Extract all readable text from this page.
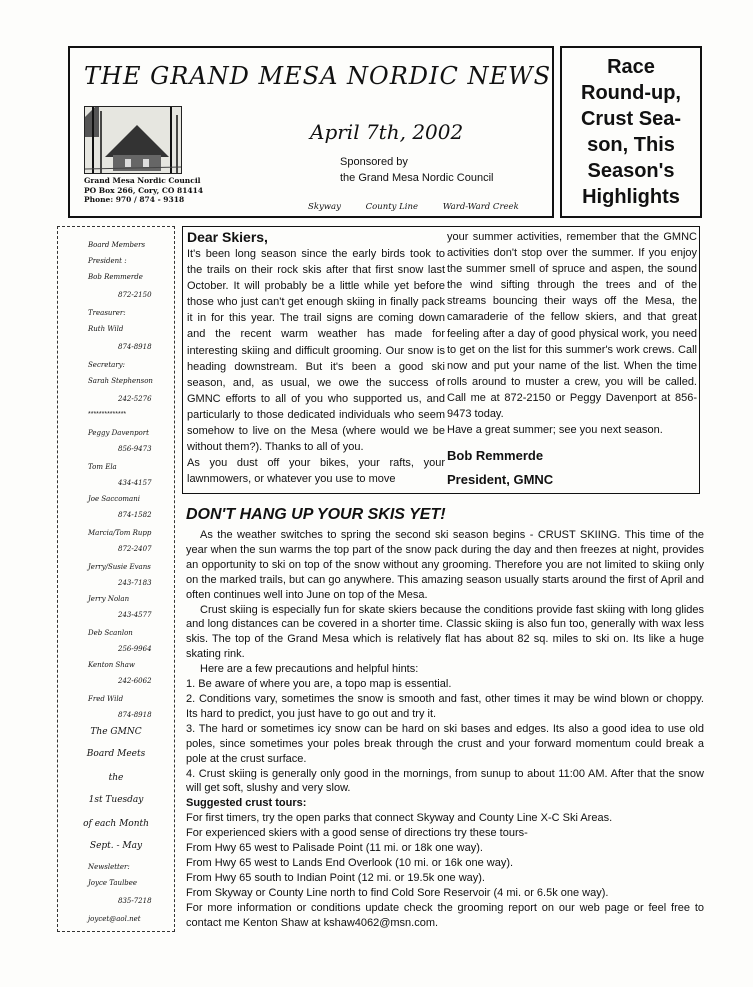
THE GRAND MESA NORDIC NEWS
Grand Mesa Nordic Council
PO Box 266, Cory, CO 81414
Phone: 970 / 874 - 9318
April 7th, 2002
Sponsored by
the Grand Mesa Nordic Council
Skyway	County Line	Ward-Ward Creek
Race
Round-up,
Crust Sea-
son, This
Season's
Highlights
Board Members
President :
Bob Remmerde
872-2150
Treasurer:
Ruth Wild
874-8918
Secretary:
Sarah Stephenson
242-5276
**************
Peggy Davenport
856-9473
Tom Ela
434-4157
Joe Saccomani
874-1582
Marcia/Tom Rupp
872-2407
Jerry/Susie Evans
243-7183
Jerry Nolan
243-4577
Deb Scanlon
256-9964
Kenton Shaw
242-6062
Fred Wild
874-8918
The GMNC
Board Meets
the
1st Tuesday
of each Month
Sept. - May
Newsletter:
Joyce Taulbee
835-7218
joycet@aol.net
Dear Skiers,

It's been long season since the early birds took to the trails on their rock skis after that first snow last October. It will probably be a little while yet before those who just can't get enough skiing in finally pack it in for this year. The trail signs are coming down and the recent warm weather has made for interesting skiing and difficult grooming. Our snow is heading downstream. But it's been a good ski season, and, as usual, we owe the success of GMNC efforts to all of you who supported us, and particularly to those dedicated individuals who seem somehow to live on the Mesa (where would we be without them?). Thanks to all of you.

As you dust off your bikes, your rafts, your lawnmowers, or whatever you use to move

your summer activities, remember that the GMNC activities don't stop over the summer. If you enjoy the summer smell of spruce and aspen, the sound the wind sifting through the trees and of the streams bouncing their ways off the Mesa, the camaraderie of the fellow skiers, and that great feeling after a day of good physical work, you need to get on the list for this summer's work crews. Call now and put your name of the list. When the time rolls around to muster a crew, you will be called. Call me at 872-2150 or Peggy Davenport at 856-9473 today.

Have a great summer; see you next season.

Bob Remmerde
President, GMNC
DON'T HANG UP YOUR SKIS YET!

As the weather switches to spring the second ski season begins - CRUST SKIING. This time of the year when the sun warms the top part of the snow pack during the day and then freezes at night, provides an opportunity to ski on top of the snow without any grooming. Therefore you are not limited to skiing only on the marked trails, but can go anywhere. This amazing season usually starts around the first of April and often continues well into June on top of the Mesa.

Crust skiing is especially fun for skate skiers because the conditions provide fast skiing with long glides and long distances can be covered in a shorter time. Classic skiing is also fun too, generally with wax less skis. The top of the Grand Mesa which is relatively flat has about 82 sq. miles to ski on. Its like a huge skating rink.

Here are a few precautions and helpful hints:

1. Be aware of where you are, a topo map is essential.

2. Conditions vary, sometimes the snow is smooth and fast, other times it may be wind blown or choppy. Its hard to predict, you just have to go out and try it.

3. The hard or sometimes icy snow can be hard on ski bases and edges. Its also a good idea to use old poles, since sometimes your poles break through the crust and your forward momentum could break a pole at the crust surface.

4. Crust skiing is generally only good in the mornings, from sunup to about 11:00 AM. After that the snow will get soft, slushy and very slow.

Suggested crust tours:

For first timers, try the open parks that connect Skyway and County Line X-C Ski Areas.

For experienced skiers with a good sense of directions try these tours-

From Hwy 65 west to Palisade Point (11 mi. or 18k one way).

From Hwy 65 west to Lands End Overlook (10 mi. or 16k one way).

From Hwy 65 south to Indian Point (12 mi. or 19.5k one way).

From Skyway or County Line north to find Cold Sore Reservoir (4 mi. or 6.5k one way).

For more information or conditions update check the grooming report on our web page or feel free to contact me Kenton Shaw at kshaw4062@msn.com.
